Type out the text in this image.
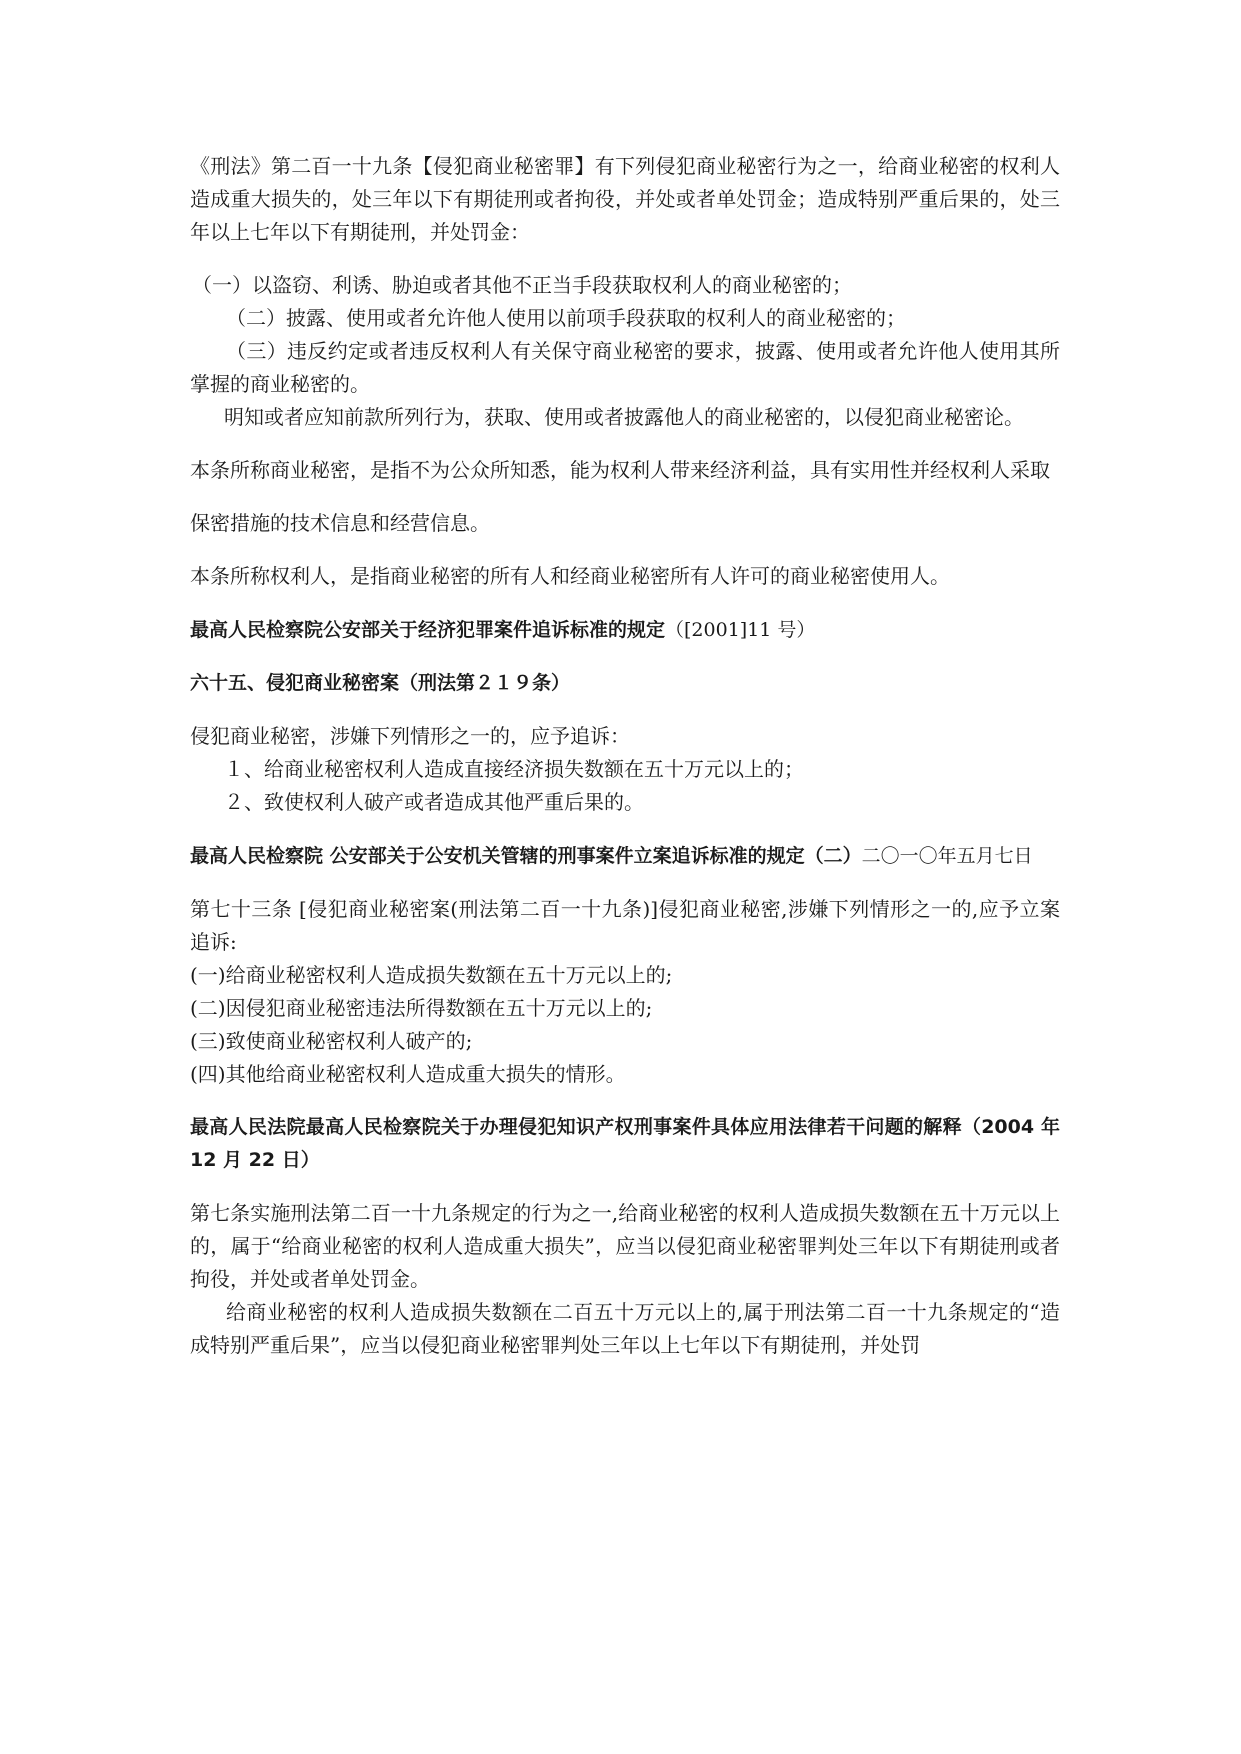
《刑法》第二百一十九条【侵犯商业秘密罪】有下列侵犯商业秘密行为之一，给商业秘密的权利人造成重大损失的，处三年以下有期徒刑或者拘役，并处或者单处罚金；造成特别严重后果的，处三年以上七年以下有期徒刑，并处罚金：

（一）以盗窃、利诱、胁迫或者其他不正当手段获取权利人的商业秘密的；

（二）披露、使用或者允许他人使用以前项手段获取的权利人的商业秘密的；

（三）违反约定或者违反权利人有关保守商业秘密的要求，披露、使用或者允许他人使用其所掌握的商业秘密的。

明知或者应知前款所列行为，获取、使用或者披露他人的商业秘密的，以侵犯商业秘密论。

本条所称商业秘密，是指不为公众所知悉，能为权利人带来经济利益，具有实用性并经权利人采取

保密措施的技术信息和经营信息。

本条所称权利人，是指商业秘密的所有人和经商业秘密所有人许可的商业秘密使用人。

最高人民检察院公安部关于经济犯罪案件追诉标准的规定（[2001]11 号）

六十五、侵犯商业秘密案（刑法第２１９条）

侵犯商业秘密，涉嫌下列情形之一的，应予追诉：

１、给商业秘密权利人造成直接经济损失数额在五十万元以上的；

２、致使权利人破产或者造成其他严重后果的。

最高人民检察院 公安部关于公安机关管辖的刑事案件立案追诉标准的规定（二）二〇一〇年五月七日

第七十三条 [侵犯商业秘密案(刑法第二百一十九条)]侵犯商业秘密,涉嫌下列情形之一的,应予立案追诉:

(一)给商业秘密权利人造成损失数额在五十万元以上的;

(二)因侵犯商业秘密违法所得数额在五十万元以上的;

(三)致使商业秘密权利人破产的;

(四)其他给商业秘密权利人造成重大损失的情形。

最高人民法院最高人民检察院关于办理侵犯知识产权刑事案件具体应用法律若干问题的解释（2004 年 12 月 22 日）

第七条实施刑法第二百一十九条规定的行为之一,给商业秘密的权利人造成损失数额在五十万元以上的，属于“给商业秘密的权利人造成重大损失”，应当以侵犯商业秘密罪判处三年以下有期徒刑或者拘役，并处或者单处罚金。

给商业秘密的权利人造成损失数额在二百五十万元以上的,属于刑法第二百一十九条规定的“造成特别严重后果”，应当以侵犯商业秘密罪判处三年以上七年以下有期徒刑，并处罚
